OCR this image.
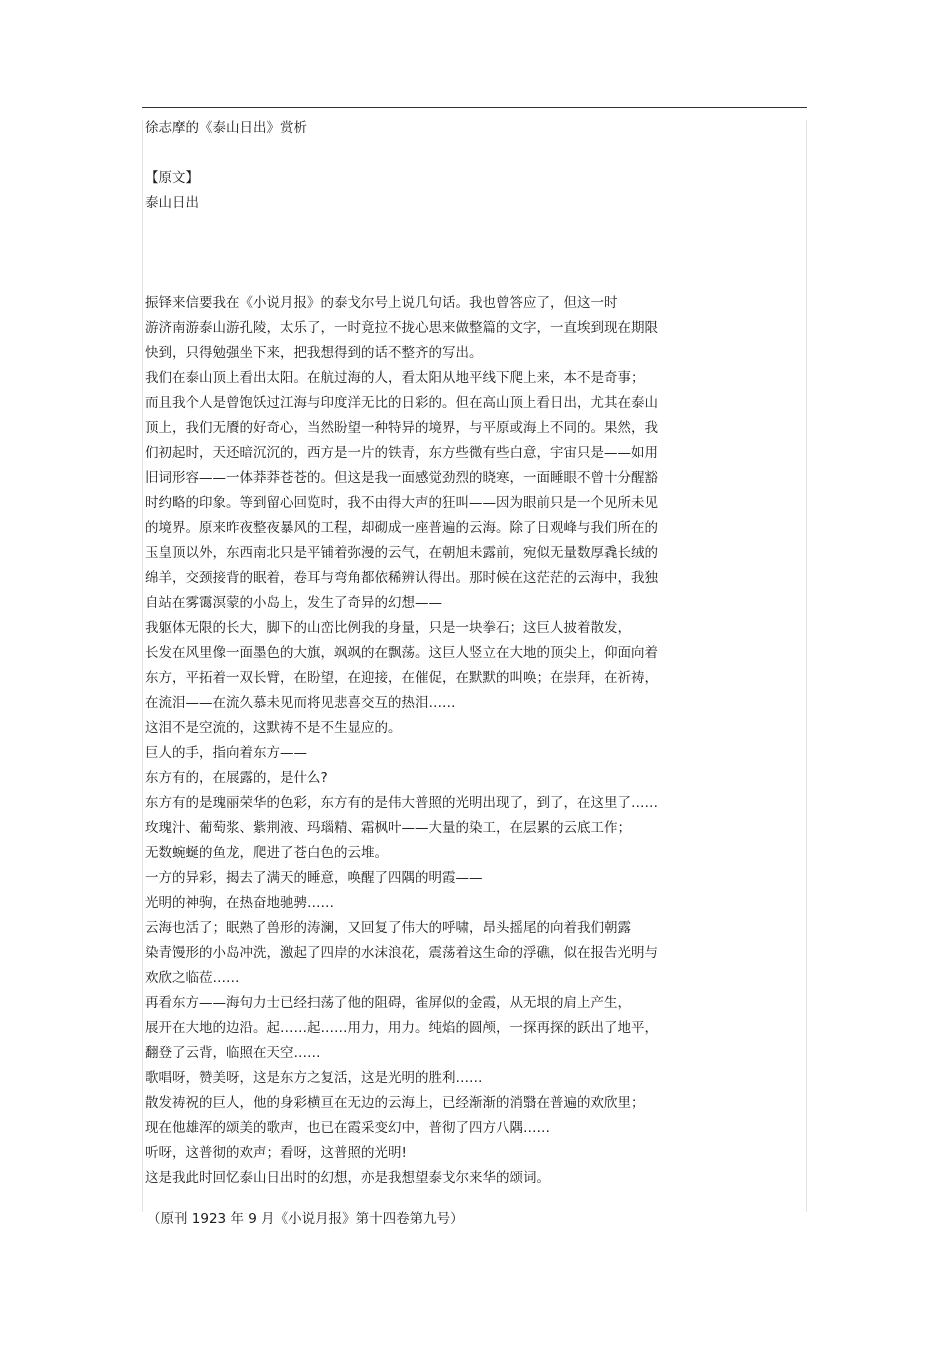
徐志摩的《泰山日出》赏析

【原文】

泰山日出

振铎来信要我在《小说月报》的泰戈尔号上说几句话。我也曾答应了，但这一时

游济南游泰山游孔陵，太乐了，一时竟拉不拢心思来做整篇的文字，一直埃到现在期限

快到，只得勉强坐下来，把我想得到的话不整齐的写出。

我们在泰山顶上看出太阳。在航过海的人，看太阳从地平线下爬上来，本不是奇事；

而且我个人是曾饱饫过江海与印度洋无比的日彩的。但在高山顶上看日出，尤其在泰山

顶上，我们无餍的好奇心，当然盼望一种特异的境界，与平原或海上不同的。果然，我

们初起时，天还暗沉沉的，西方是一片的铁青，东方些微有些白意，宇宙只是——如用

旧词形容——一体莽莽苍苍的。但这是我一面感觉劲烈的晓寒，一面睡眼不曾十分醒豁

时约略的印象。等到留心回览时，我不由得大声的狂叫——因为眼前只是一个见所未见

的境界。原来昨夜整夜暴风的工程，却砌成一座普遍的云海。除了日观峰与我们所在的

玉皇顶以外，东西南北只是平铺着弥漫的云气，在朝旭未露前，宛似无量数厚毳长绒的

绵羊，交颈接背的眠着，卷耳与弯角都依稀辨认得出。那时候在这茫茫的云海中，我独

自站在雾霭溟蒙的小岛上，发生了奇异的幻想——

我躯体无限的长大，脚下的山峦比例我的身量，只是一块拳石；这巨人披着散发，

长发在风里像一面墨色的大旗，飒飒的在飘荡。这巨人竖立在大地的顶尖上，仰面向着

东方，平拓着一双长臂，在盼望，在迎接，在催促，在默默的叫唤；在崇拜，在祈祷，

在流泪——在流久慕未见而将见悲喜交互的热泪……

这泪不是空流的，这默祷不是不生显应的。

巨人的手，指向着东方——

东方有的，在展露的，是什么?

东方有的是瑰丽荣华的色彩，东方有的是伟大普照的光明出现了，到了，在这里了……

玫瑰汁、葡萄浆、紫荆液、玛瑙精、霜枫叶——大量的染工，在层累的云底工作；

无数蜿蜒的鱼龙，爬进了苍白色的云堆。

一方的异彩，揭去了满天的睡意，唤醒了四隅的明霞——

光明的神驹，在热奋地驰骋……

云海也活了；眠熟了兽形的涛澜，又回复了伟大的呼啸，昂头摇尾的向着我们朝露

染青馒形的小岛冲洗，激起了四岸的水沫浪花，震荡着这生命的浮礁，似在报告光明与

欢欣之临莅……

再看东方——海句力士已经扫荡了他的阻碍，雀屏似的金霞，从无垠的肩上产生，

展开在大地的边沿。起……起……用力，用力。纯焰的圆颅，一探再探的跃出了地平，

翻登了云背，临照在天空……

歌唱呀，赞美呀，这是东方之复活，这是光明的胜利……

散发祷祝的巨人，他的身彩横亘在无边的云海上，已经渐渐的消翳在普遍的欢欣里；

现在他雄浑的颂美的歌声，也已在霞采变幻中，普彻了四方八隅……

听呀，这普彻的欢声；看呀，这普照的光明!

这是我此时回忆泰山日出时的幻想，亦是我想望泰戈尔来华的颂词。

（原刊 1923 年 9 月《小说月报》第十四卷第九号）
